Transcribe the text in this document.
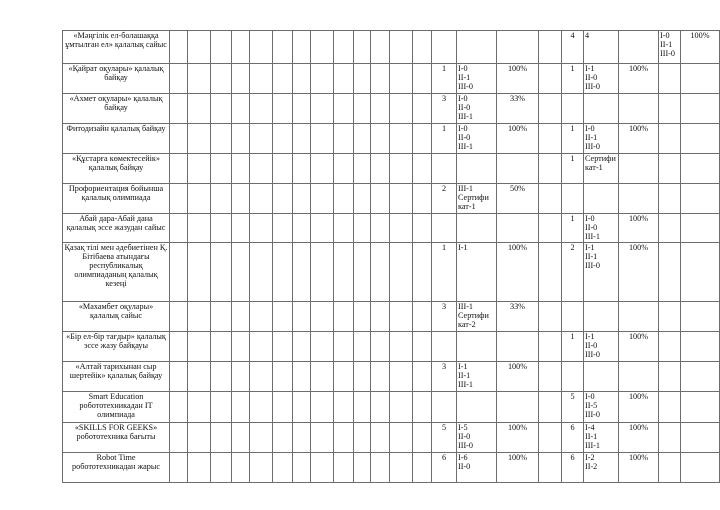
«Мәңгілік ел-болашаққа ұмтылған ел» қалалық сайыс																		4	4		I-0
II-1
III-0	100%		

«Қайрат оқулары» қалалық байқау														1	I-0
II-1
III-0	100%		1	I-1
II-0
III-0	100%				

«Ахмет оқулары» қалалық байқау														3	I-0
II-0
III-1	33%								

Фитодизайн қалалық байқау														1	I-0
II-0
III-1	100%		1	I-0
II-1
III-0	100%				

«Құстарға көмектесейік» қалалық байқау																		1	Сертифи
кат-1					

Профориентация бойынша қалалық олимпиада														2	III-1
Сертифи
кат-1	50%								

Абай дара-Абай дана қалалық эссе жазудан сайыс																		1	I-0
II-0
III-1	100%				

Қазақ тілі мен әдебиетінен Қ. Бітібаева атындағы республикалық олимпиаданың қалалық кезеңі														1	I-1	100%		2	I-1
II-1
III-0	100%				

«Махамбет оқулары» қалалық сайыс														3	III-1
Сертифи
кат-2	33%								

«Бір ел-бір тағдыр» қалалық эссе жазу байқауы																		1	I-1
II-0
III-0	100%				

«Алтай тарихынан сыр шертейік» қалалық байқау														3	I-1
II-1
III-1	100%								

Smart Education робототехникадан IT олимпиада																		5	I-0
II-5
III-0	100%				

«SKILLS FOR GEEKS» робототехника бағыты														5	I-5
II-0
III-0	100%		6	I-4
II-1
III-1	100%				

Robot Time робототехникадан жарыс														6	I-6
II-0	100%		6	I-2
II-2	100%				
